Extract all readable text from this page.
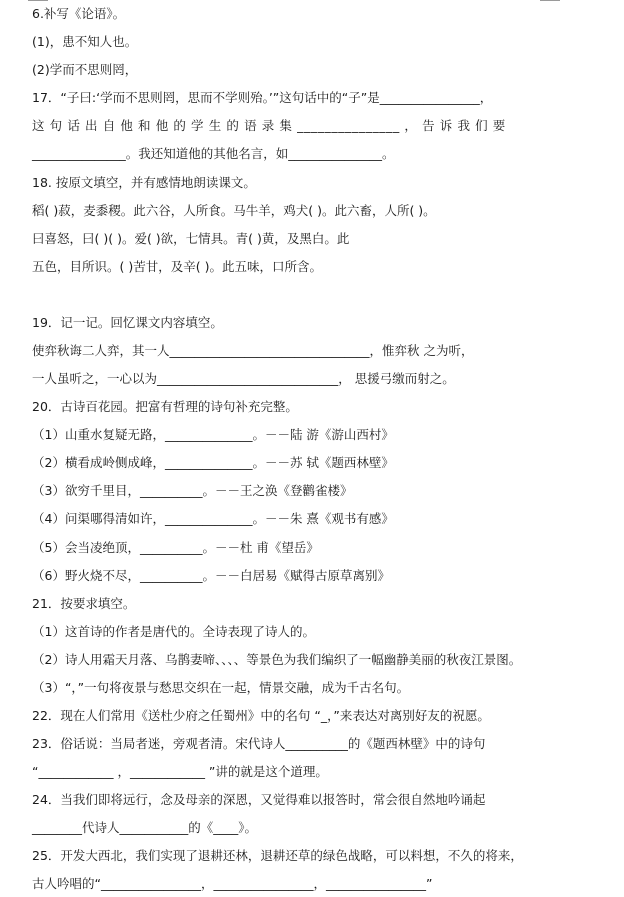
6.补写《论语》。
(1)，患不知人也。
(2)学而不思则罔，
17．“子曰:‘学而不思则罔，思而不学则殆。’”这句话中的“子”是________________，
这 句 话 出 自 他 和 他 的 学 生 的 语 录 集 _______________ ， 告 诉 我 们 要
_______________。我还知道他的其他名言，如_______________。
18. 按原文填空，并有感情地朗读课文。
稻( )菽，麦黍稷。此六谷，人所食。马牛羊，鸡犬( )。此六畜，人所( )。
曰喜怒，曰( )( )。爱( )欲，七情具。青( )黄，及黑白。此
五色，目所识。( )苦甘，及辛( )。此五味，口所含。
19．记一记。回忆课文内容填空。
使弈秋诲二人弈，其一人________________________________，惟弈秋 之为听，
一人虽听之，一心以为_____________________________， 思援弓缴而射之。
20．古诗百花园。把富有哲理的诗句补充完整。
（1）山重水复疑无路，______________。－－陆 游《游山西村》
（2）横看成岭侧成峰，______________。－－苏 轼《题西林壁》
（3）欲穷千里目，__________。－－王之涣《登鹳雀楼》
（4）问渠哪得清如许，______________。－－朱 熹《观书有感》
（5）会当凌绝顶，__________。－－杜 甫《望岳》
（6）野火烧不尽，__________。－－白居易《赋得古原草离别》
21．按要求填空。
（1）这首诗的作者是唐代的。全诗表现了诗人的。
（2）诗人用霜天月落、乌鹊妻啼、、、、等景色为我们编织了一幅幽静美丽的秋夜江景图。
（3）“，”一句将夜景与愁思交织在一起，情景交融，成为千古名句。
22．现在人们常用《送杜少府之任蜀州》中的名句 “_，”来表达对离别好友的祝愿。
23．俗话说：当局者迷，旁观者清。宋代诗人__________的《题西林壁》中的诗句
“____________ ，____________ ”讲的就是这个道理。
24．当我们即将远行，念及母亲的深恩，又觉得难以报答时，常会很自然地吟诵起
________代诗人___________的《____》。
25．开发大西北，我们实现了退耕还林，退耕还草的绿色战略，可以料想，不久的将来，
古人吟唱的“________________，________________，________________”
